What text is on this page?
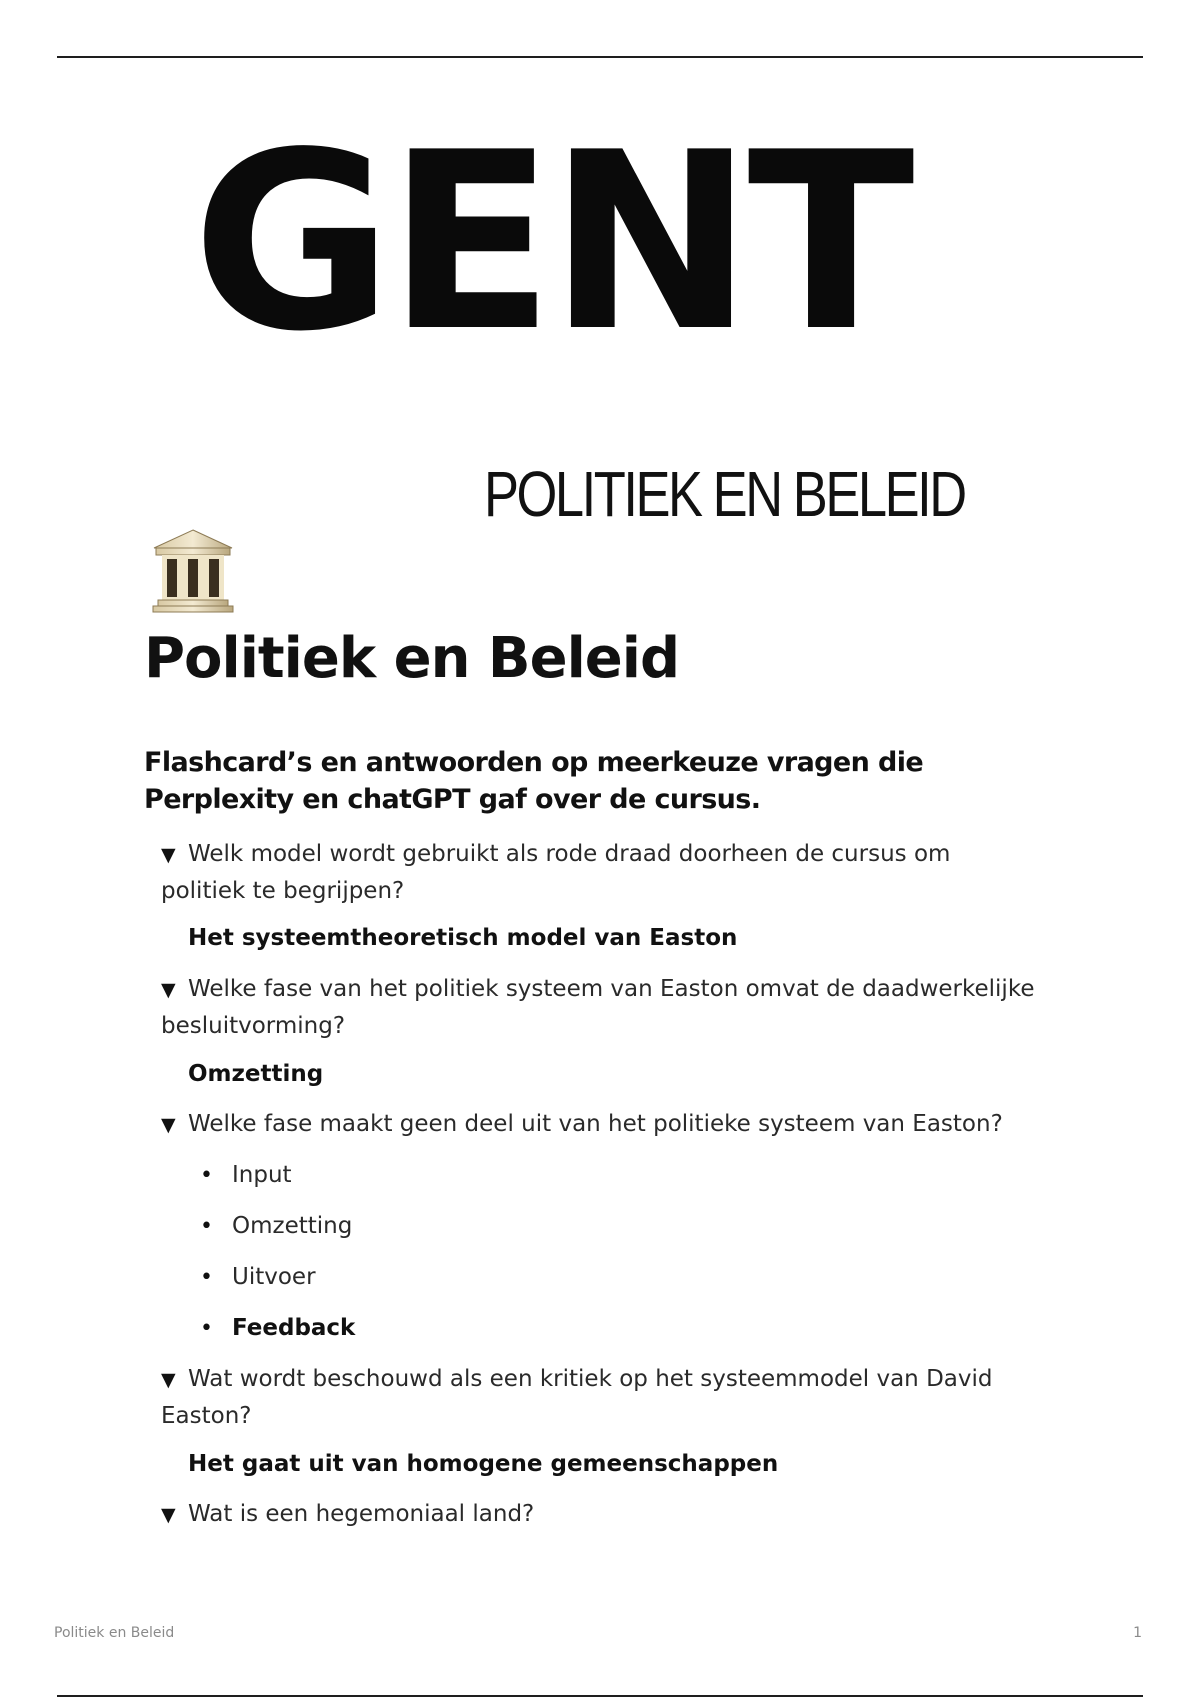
GENT
POLITIEK EN BELEID
Politiek en Beleid
Flashcard’s en antwoorden op meerkeuze vragen die Perplexity en chatGPT gaf over de cursus.
▼ Welk model wordt gebruikt als rode draad doorheen de cursus om politiek te begrijpen?
Het systeemtheoretisch model van Easton
▼ Welke fase van het politiek systeem van Easton omvat de daadwerkelijke besluitvorming?
Omzetting
▼ Welke fase maakt geen deel uit van het politieke systeem van Easton?
• Input
• Omzetting
• Uitvoer
• Feedback
▼ Wat wordt beschouwd als een kritiek op het systeemmodel van David Easton?
Het gaat uit van homogene gemeenschappen
▼ Wat is een hegemoniaal land?
Politiek en Beleid	1
